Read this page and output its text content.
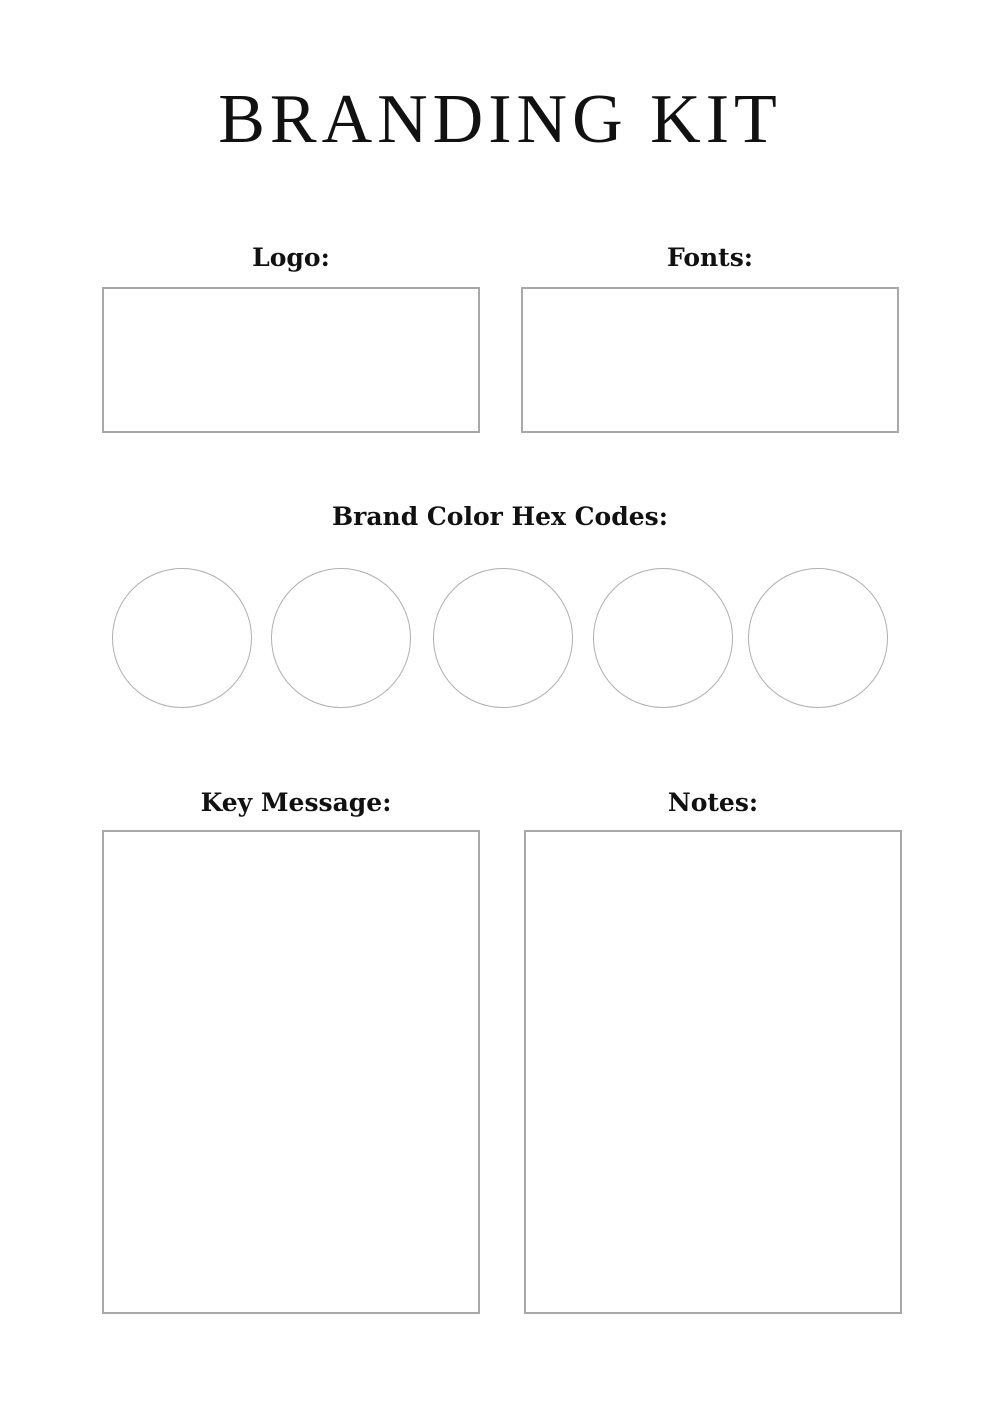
BRANDING KIT
Logo:	Fonts:
Brand Color Hex Codes:
Key Message:	Notes:
